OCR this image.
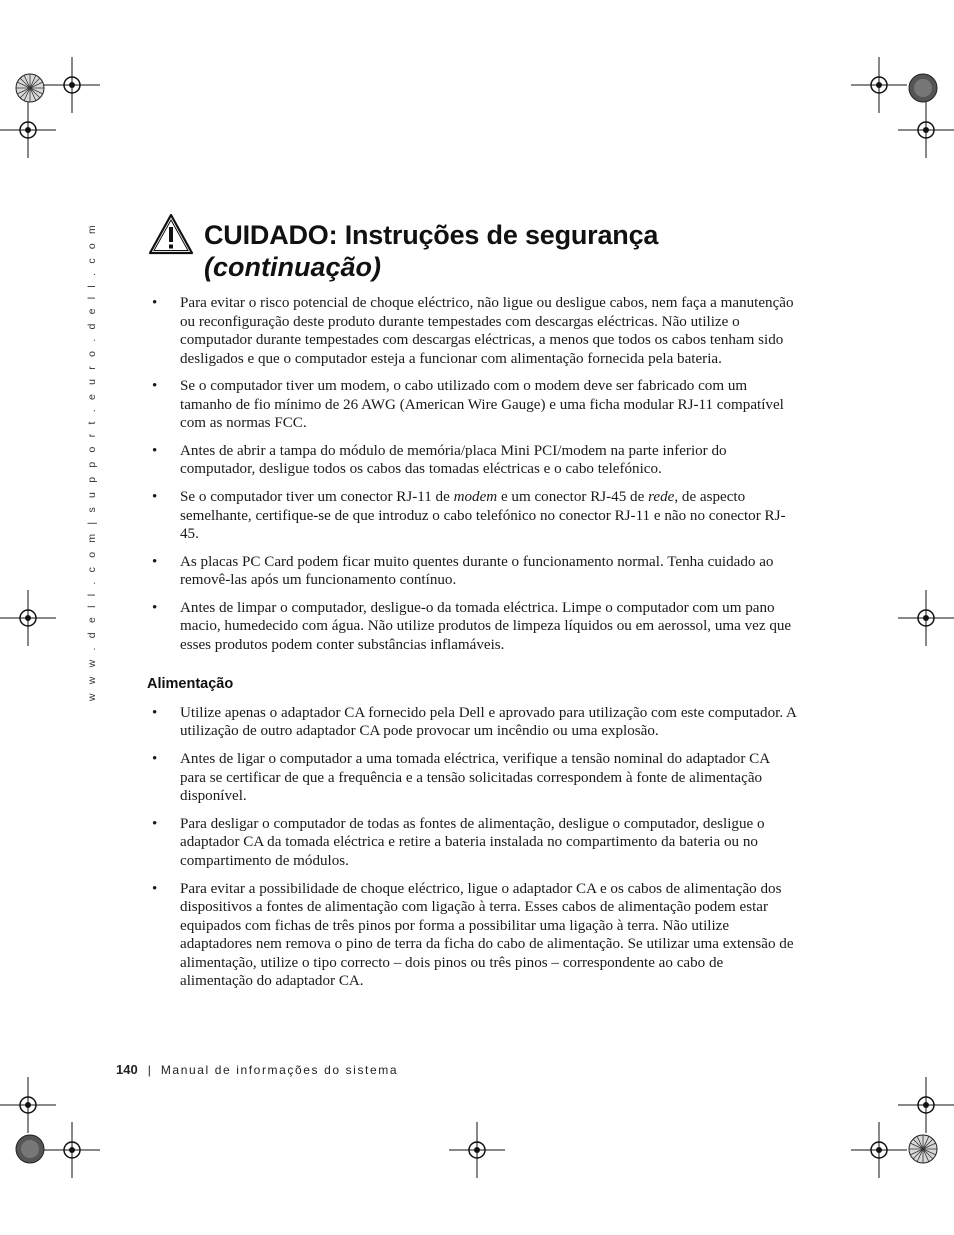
w w w . d e l l . c o m | s u p p o r t . e u r o . d e l l . c o m	CUIDADO: Instruções de segurança
(continuação)
• Para evitar o risco potencial de choque eléctrico, não ligue ou desligue cabos, nem faça a manutenção ou reconfiguração deste produto durante tempestades com descargas eléctricas. Não utilize o computador durante tempestades com descargas eléctricas, a menos que todos os cabos tenham sido desligados e que o computador esteja a funcionar com alimentação fornecida pela bateria.
• Se o computador tiver um modem, o cabo utilizado com o modem deve ser fabricado com um tamanho de fio mínimo de 26 AWG (American Wire Gauge) e uma ficha modular RJ-11 compatível com as normas FCC.
• Antes de abrir a tampa do módulo de memória/placa Mini PCI/modem na parte inferior do computador, desligue todos os cabos das tomadas eléctricas e o cabo telefónico.
• Se o computador tiver um conector RJ-11 de modem e um conector RJ-45 de rede, de aspecto semelhante, certifique-se de que introduz o cabo telefónico no conector RJ-11 e não no conector RJ-45.
• As placas PC Card podem ficar muito quentes durante o funcionamento normal. Tenha cuidado ao removê-las após um funcionamento contínuo.
• Antes de limpar o computador, desligue-o da tomada eléctrica. Limpe o computador com um pano macio, humedecido com água. Não utilize produtos de limpeza líquidos ou em aerossol, uma vez que esses produtos podem conter substâncias inflamáveis.
Alimentação
• Utilize apenas o adaptador CA fornecido pela Dell e aprovado para utilização com este computador. A utilização de outro adaptador CA pode provocar um incêndio ou uma explosão.
• Antes de ligar o computador a uma tomada eléctrica, verifique a tensão nominal do adaptador CA para se certificar de que a frequência e a tensão solicitadas correspondem à fonte de alimentação disponível.
• Para desligar o computador de todas as fontes de alimentação, desligue o computador, desligue o adaptador CA da tomada eléctrica e retire a bateria instalada no compartimento da bateria ou no compartimento de módulos.
• Para evitar a possibilidade de choque eléctrico, ligue o adaptador CA e os cabos de alimentação dos dispositivos a fontes de alimentação com ligação à terra. Esses cabos de alimentação podem estar equipados com fichas de três pinos por forma a possibilitar uma ligação à terra. Não utilize adaptadores nem remova o pino de terra da ficha do cabo de alimentação. Se utilizar uma extensão de alimentação, utilize o tipo correcto – dois pinos ou três pinos – correspondente ao cabo de alimentação do adaptador CA.
140 | Manual de informações do sistema
